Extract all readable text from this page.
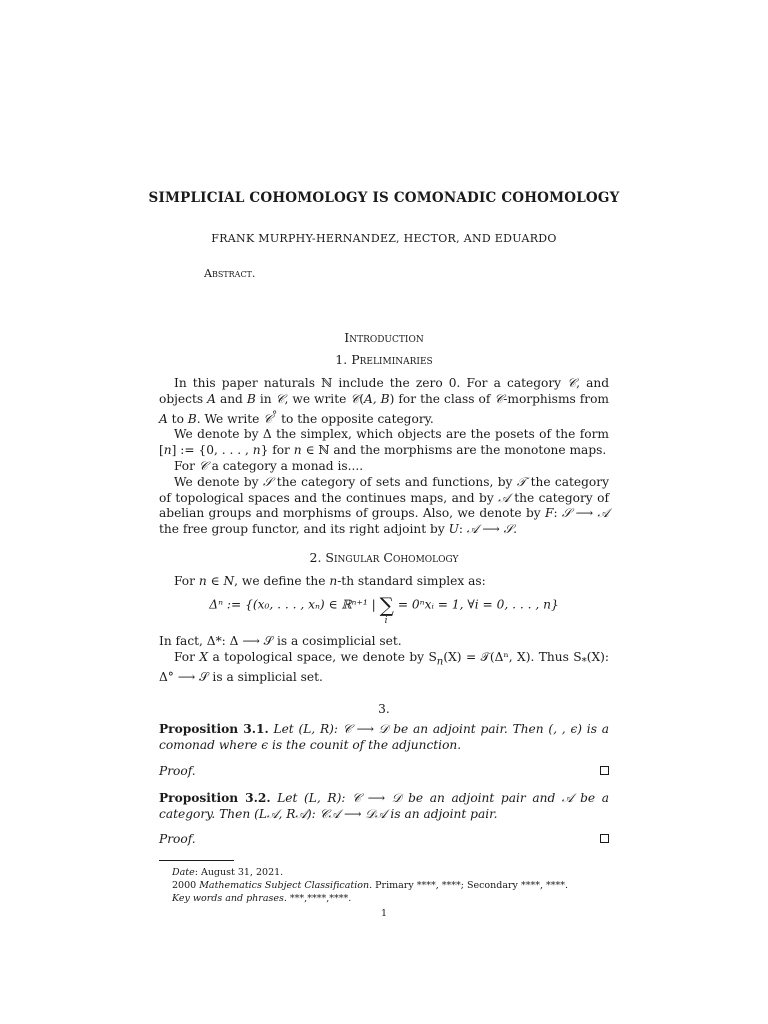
SIMPLICIAL COHOMOLOGY IS COMONADIC COHOMOLOGY
FRANK MURPHY-HERNANDEZ, HECTOR, AND EDUARDO
Abstract.
Introduction
1. Preliminaries

In this paper naturals ℕ include the zero 0. For a category 𝒞, and objects A and B in 𝒞, we write 𝒞(A, B) for the class of 𝒞-morphisms from A to B. We write 𝒞° to the opposite category.

We denote by Δ the simplex, which objects are the posets of the form [n] := {0, . . . , n} for n ∈ ℕ and the morphisms are the monotone maps.

For 𝒞 a category a monad is....

We denote by 𝒮 the category of sets and functions, by 𝒯 the category of topological spaces and the continues maps, and by 𝒜 the category of abelian groups and morphisms of groups. Also, we denote by F: 𝒮 ⟶ 𝒜 the free group functor, and its right adjoint by U: 𝒜 ⟶ 𝒮.

2. Singular Cohomology

For n ∈ N, we define the n-th standard simplex as:

Δⁿ := {(x₀, . . . , xₙ) ∈ ℝⁿ⁺¹ | ∑
i
= 0ⁿxᵢ = 1, ∀i = 0, . . . , n}

In fact, Δ*: Δ ⟶ 𝒮 is a cosimplicial set.

For X a topological space, we denote by $S_n(X)$ = 𝒯(Δⁿ, X). Thus $S_*(X)$: Δ° ⟶ 𝒮 is a simplicial set.

3.
Proposition 3.1. Let (L, R): 𝒞 ⟶ 𝒟 be an adjoint pair. Then (, , ϵ) is a comonad where ϵ is the counit of the adjunction.
Proof.
Proposition 3.2. Let (L, R): 𝒞 ⟶ 𝒟 be an adjoint pair and 𝒜 be a category. Then (L𝒜, R𝒜): 𝒞𝒜 ⟶ 𝒟𝒜 is an adjoint pair.
Proof.
Date: August 31, 2021.
2000 Mathematics Subject Classification. Primary ****, ****; Secondary ****, ****.
Key words and phrases. ***,****,****.
1
